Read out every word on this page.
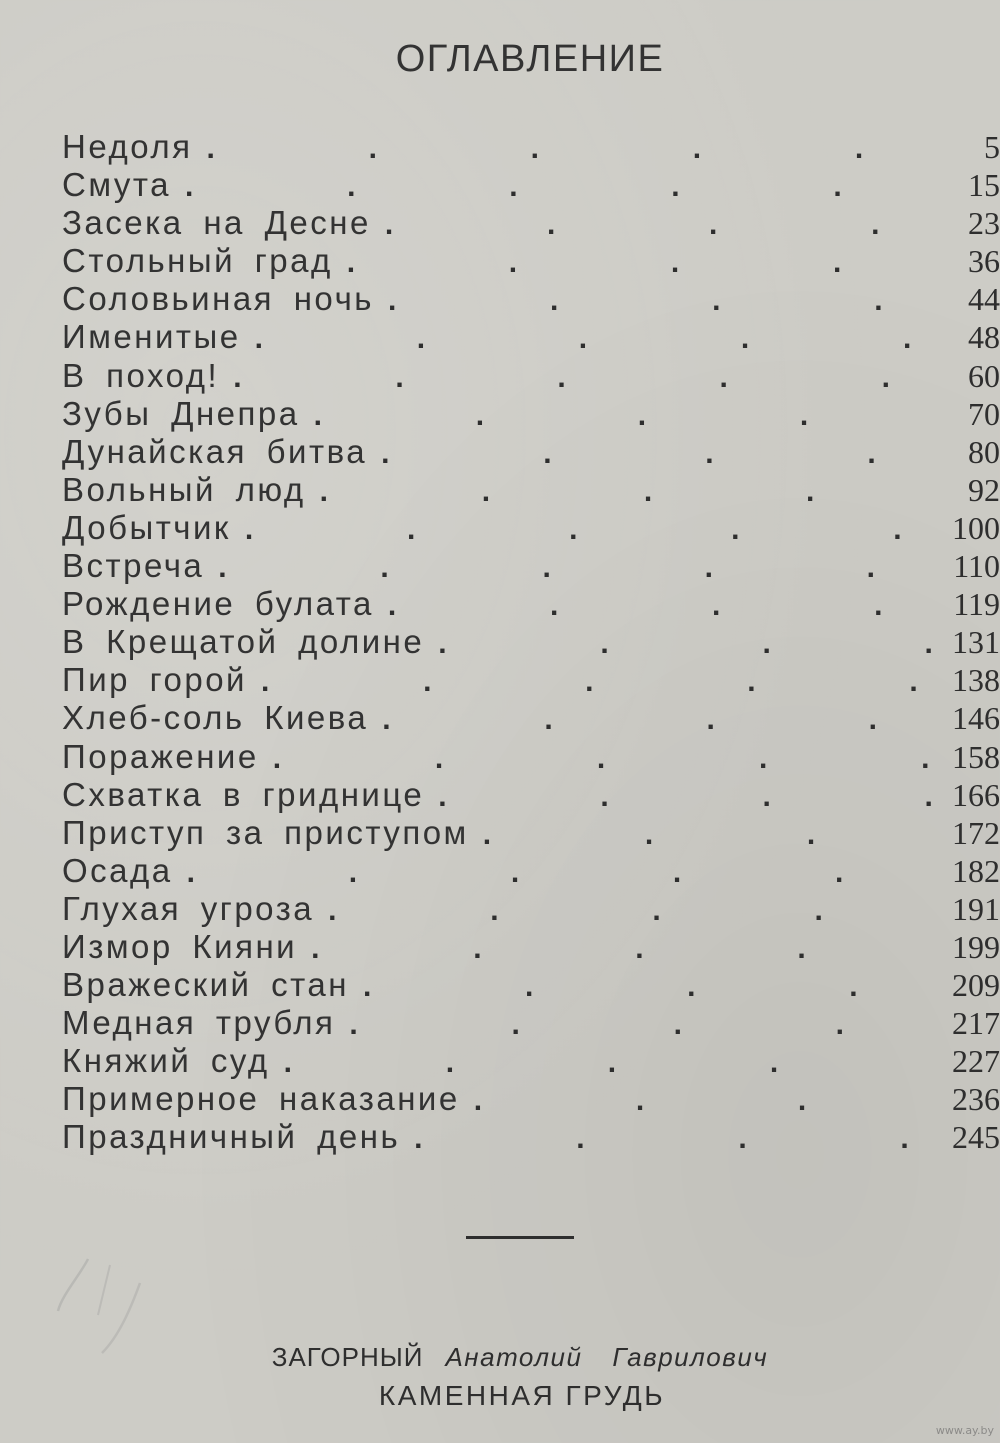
ОГЛАВЛЕНИЕ
Недоля .	5
Смута .	15
Засека на Десне .	23
Стольный град .	36
Соловьиная ночь .	44
Именитые .	48
В поход! .	60
Зубы Днепра .	70
Дунайская битва .	80
Вольный люд .	92
Добытчик .	100
Встреча .	110
Рождение булата .	119
В Крещатой долине .	131
Пир горой .	138
Хлеб-соль Киева .	146
Поражение .	158
Схватка в гриднице .	166
Приступ за приступом .	172
Осада .	182
Глухая угроза .	191
Измор Кияни .	199
Вражеский стан .	209
Медная трубля .	217
Княжий суд .	227
Примерное наказание .	236
Праздничный день .	245
ЗАГОРНЫЙ Анатолий Гаврилович
КАМЕННАЯ ГРУДЬ
www.ay.by
